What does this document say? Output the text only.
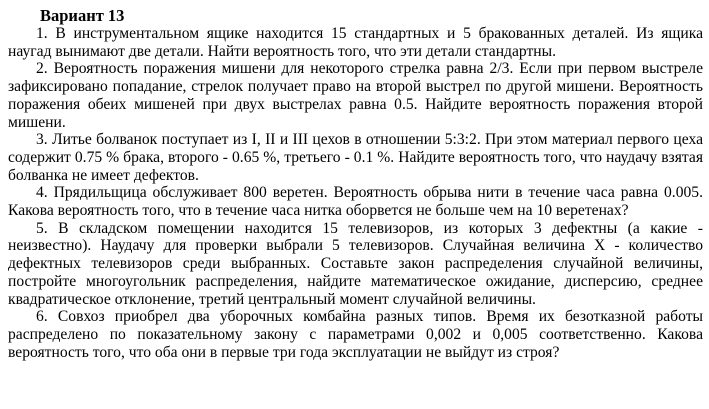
Вариант 13

1. В инструментальном ящике находится 15 стандартных и 5 бракованных деталей. Из ящика наугад вынимают две детали. Найти вероятность того, что эти детали стандартны.

2. Вероятность поражения мишени для некоторого стрелка равна 2/3. Если при первом выстреле зафиксировано попадание, стрелок получает право на второй выстрел по другой мишени. Вероятность поражения обеих мишеней при двух выстрелах равна 0.5. Найдите вероятность поражения второй мишени.

3. Литье болванок поступает из I, II и III цехов в отношении 5:3:2. При этом материал первого цеха содержит 0.75 % брака, второго - 0.65 %, третьего - 0.1 %. Найдите вероятность того, что наудачу взятая болванка не имеет дефектов.

4. Прядильщица обслуживает 800 веретен. Вероятность обрыва нити в течение часа равна 0.005. Какова вероятность того, что в течение часа нитка оборвется не больше чем на 10 веретенах?

5. В складском помещении находится 15 телевизоров, из которых 3 дефектны (а какие - неизвестно). Наудачу для проверки выбрали 5 телевизоров. Случайная величина Х - количество дефектных телевизоров среди выбранных. Составьте закон распределения случайной величины, постройте многоугольник распределения, найдите математическое ожидание, дисперсию, среднее квадратическое отклонение, третий центральный момент случайной величины.

6. Совхоз приобрел два уборочных комбайна разных типов. Время их безотказной работы распределено по показательному закону с параметрами 0,002 и 0,005 соответственно. Какова вероятность того, что оба они в первые три года эксплуатации не выйдут из строя?
